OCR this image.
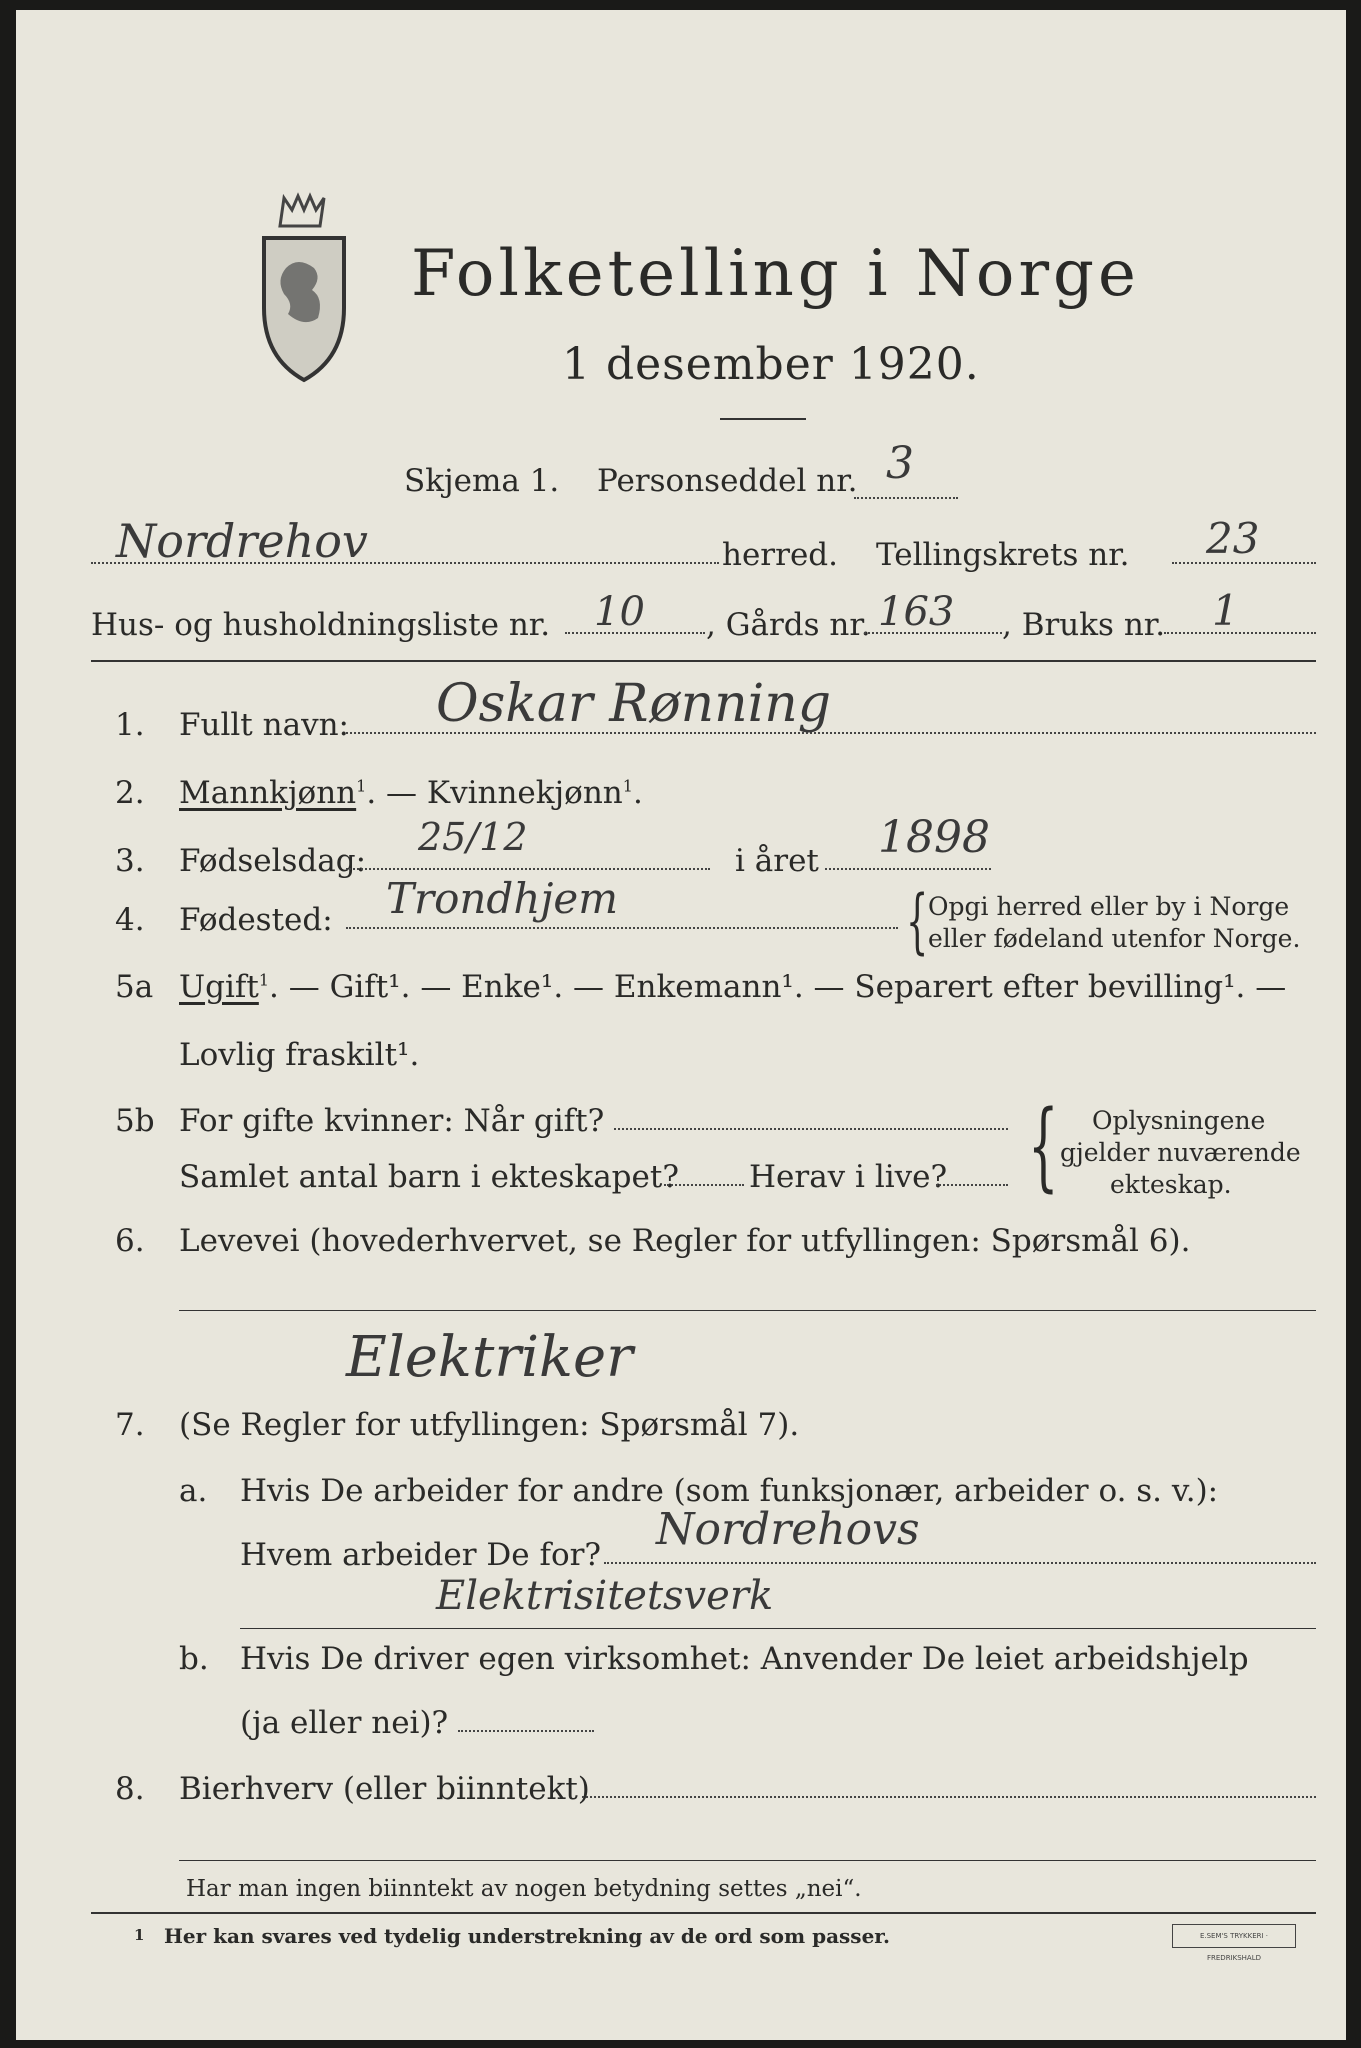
Folketelling i Norge
1 desember 1920.
Skjema 1. Personseddel nr. 3
Nordrehov	herred. Tellingskrets nr. 23
Hus- og husholdningsliste nr. 10 , Gårds nr. 163 , Bruks nr. 1
1. Fullt navn: Oskar Rønning
2. Mannkjønn$^1$. — Kvinnekjønn$^1$.
3. Fødselsdag:
25/12
i året 1898
4. Fødested: Trondhjem	{ Opgi herred eller by i Norge
eller fødeland utenfor Norge.
5a Ugift$^1$. — Gift¹. — Enke¹. — Enkemann¹. — Separert efter bevilling¹. —
Lovlig fraskilt¹.
5b For gifte kvinner: Når gift?
Samlet antal barn i ekteskapet? Herav i live? { Oplysningene
gjelder nuværende
ekteskap.
6. Levevei (hovederhvervet, se Regler for utfyllingen: Spørsmål 6).
Elektriker
7. (Se Regler for utfyllingen: Spørsmål 7).
a. Hvis De arbeider for andre (som funksjonær, arbeider o. s. v.):
Hvem arbeider De for? Nordrehovs
Elektrisitetsverk
b. Hvis De driver egen virksomhet: Anvender De leiet arbeidshjelp
(ja eller nei)?
8. Bierhverv (eller biinntekt)
Har man ingen biinntekt av nogen betydning settes „nei“.
1 Her kan svares ved tydelig understrekning av de ord som passer.	E.SEM'S TRYKKERI · FREDRIKSHALD
